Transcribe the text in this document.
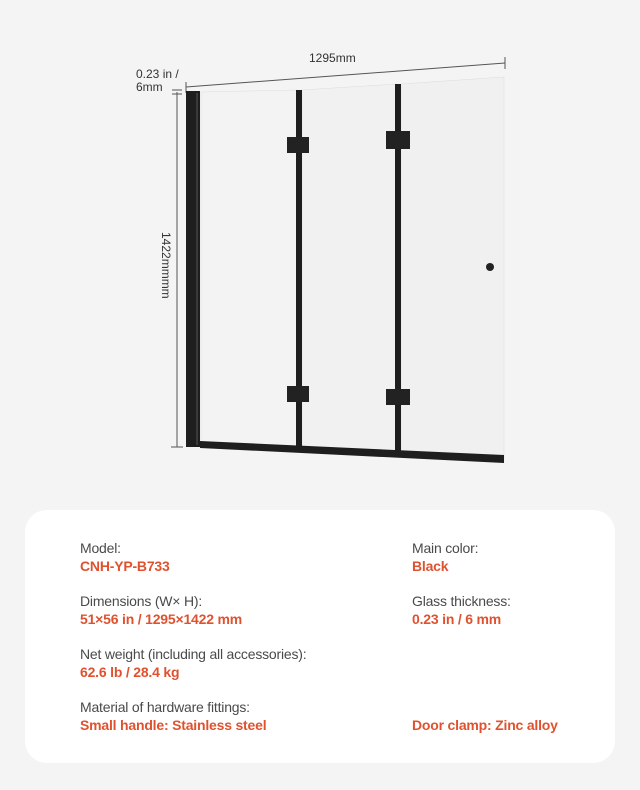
1295mm
0.23 in /
6mm
1422mmmm
Model:
CNH-YP-B733
Dimensions (W× H):
51×56 in / 1295×1422 mm
Net weight (including all accessories):
62.6 lb / 28.4 kg
Material of hardware fittings:
Small handle: Stainless steel
Main color:
Black
Glass thickness:
0.23 in / 6 mm
Door clamp: Zinc alloy
